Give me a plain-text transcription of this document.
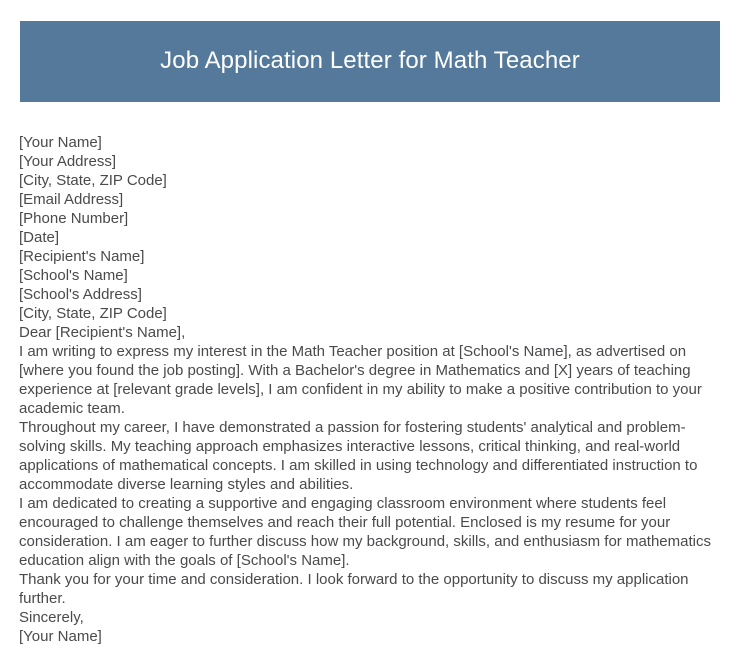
Job Application Letter for Math Teacher
[Your Name]
[Your Address]
[City, State, ZIP Code]
[Email Address]
[Phone Number]
[Date]
[Recipient's Name]
[School's Name]
[School's Address]
[City, State, ZIP Code]
Dear [Recipient's Name],

I am writing to express my interest in the Math Teacher position at [School's Name], as advertised on [where you found the job posting]. With a Bachelor's degree in Mathematics and [X] years of teaching experience at [relevant grade levels], I am confident in my ability to make a positive contribution to your academic team.

Throughout my career, I have demonstrated a passion for fostering students' analytical and problem-solving skills. My teaching approach emphasizes interactive lessons, critical thinking, and real-world applications of mathematical concepts. I am skilled in using technology and differentiated instruction to accommodate diverse learning styles and abilities.

I am dedicated to creating a supportive and engaging classroom environment where students feel encouraged to challenge themselves and reach their full potential. Enclosed is my resume for your consideration. I am eager to further discuss how my background, skills, and enthusiasm for mathematics education align with the goals of [School's Name].

Thank you for your time and consideration. I look forward to the opportunity to discuss my application further.

Sincerely,
[Your Name]
